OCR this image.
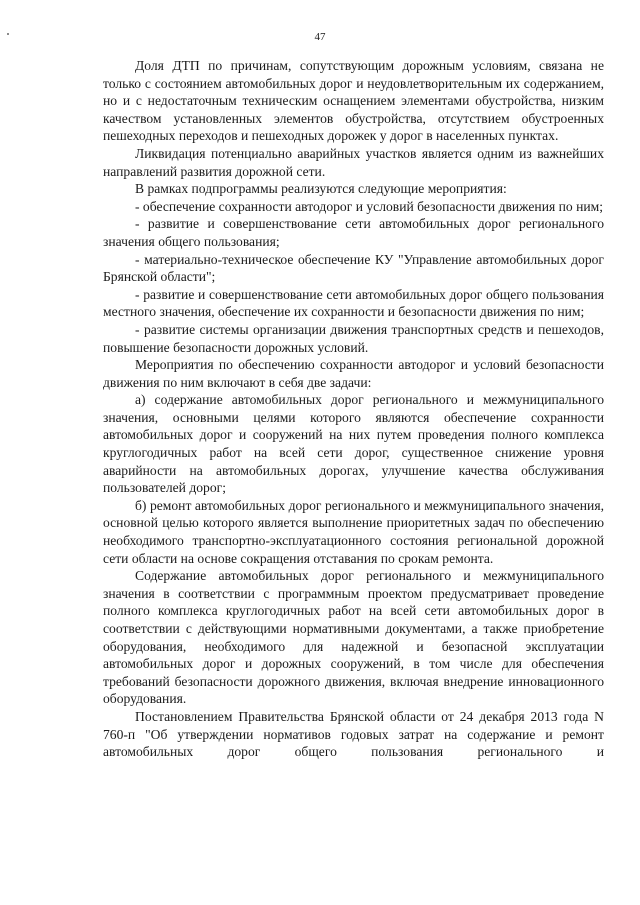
47

Доля ДТП по причинам, сопутствующим дорожным условиям, связана не только с состоянием автомобильных дорог и неудовлетворительным их содержанием, но и с недостаточным техническим оснащением элементами обустройства, низким качеством установленных элементов обустройства, отсутствием обустроенных пешеходных переходов и пешеходных дорожек у дорог в населенных пунктах.

Ликвидация потенциально аварийных участков является одним из важнейших направлений развития дорожной сети.

В рамках подпрограммы реализуются следующие мероприятия:

- обеспечение сохранности автодорог и условий безопасности движения по ним;

- развитие и совершенствование сети автомобильных дорог регионального значения общего пользования;

- материально-техническое обеспечение КУ "Управление автомобильных дорог Брянской области";

- развитие и совершенствование сети автомобильных дорог общего пользования местного значения, обеспечение их сохранности и безопасности движения по ним;

- развитие системы организации движения транспортных средств и пешеходов, повышение безопасности дорожных условий.

Мероприятия по обеспечению сохранности автодорог и условий безопасности движения по ним включают в себя две задачи:

а) содержание автомобильных дорог регионального и межмуниципального значения, основными целями которого являются обеспечение сохранности автомобильных дорог и сооружений на них путем проведения полного комплекса круглогодичных работ на всей сети дорог, существенное снижение уровня аварийности на автомобильных дорогах, улучшение качества обслуживания пользователей дорог;

б) ремонт автомобильных дорог регионального и межмуниципального значения, основной целью которого является выполнение приоритетных задач по обеспечению необходимого транспортно-эксплуатационного состояния региональной дорожной сети области на основе сокращения отставания по срокам ремонта.

Содержание автомобильных дорог регионального и межмуниципального значения в соответствии с программным проектом предусматривает проведение полного комплекса круглогодичных работ на всей сети автомобильных дорог в соответствии с действующими нормативными документами, а также приобретение оборудования, необходимого для надежной и безопасной эксплуатации автомобильных дорог и дорожных сооружений, в том числе для обеспечения требований безопасности дорожного движения, включая внедрение инновационного оборудования.

Постановлением Правительства Брянской области от 24 декабря 2013 года N 760-п "Об утверждении нормативов годовых затрат на содержание и ремонт автомобильных дорог общего пользования регионального и
